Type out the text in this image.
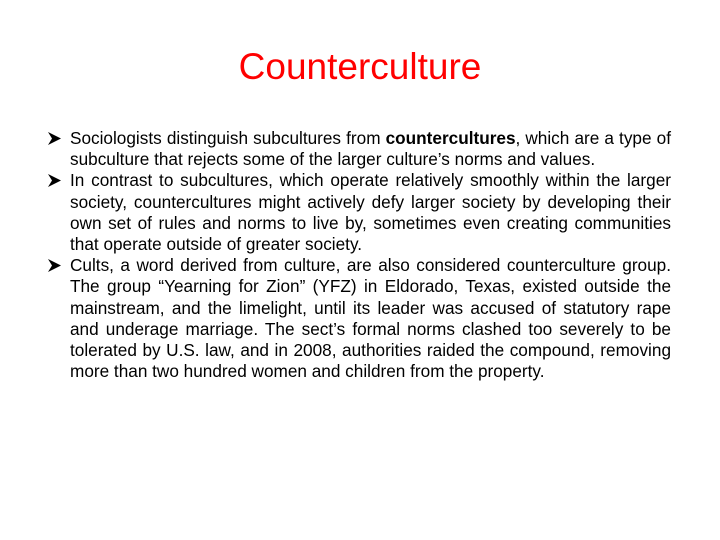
Counterculture
Sociologists distinguish subcultures from countercultures, which are a type of subculture that rejects some of the larger culture’s norms and values.
In contrast to subcultures, which operate relatively smoothly within the larger society, countercultures might actively defy larger society by developing their own set of rules and norms to live by, sometimes even creating communities that operate outside of greater society.
Cults, a word derived from culture, are also considered counterculture group. The group “Yearning for Zion” (YFZ) in Eldorado, Texas, existed outside the mainstream, and the limelight, until its leader was accused of statutory rape and underage marriage. The sect’s formal norms clashed too severely to be tolerated by U.S. law, and in 2008, authorities raided the compound, removing more than two hundred women and children from the property.
